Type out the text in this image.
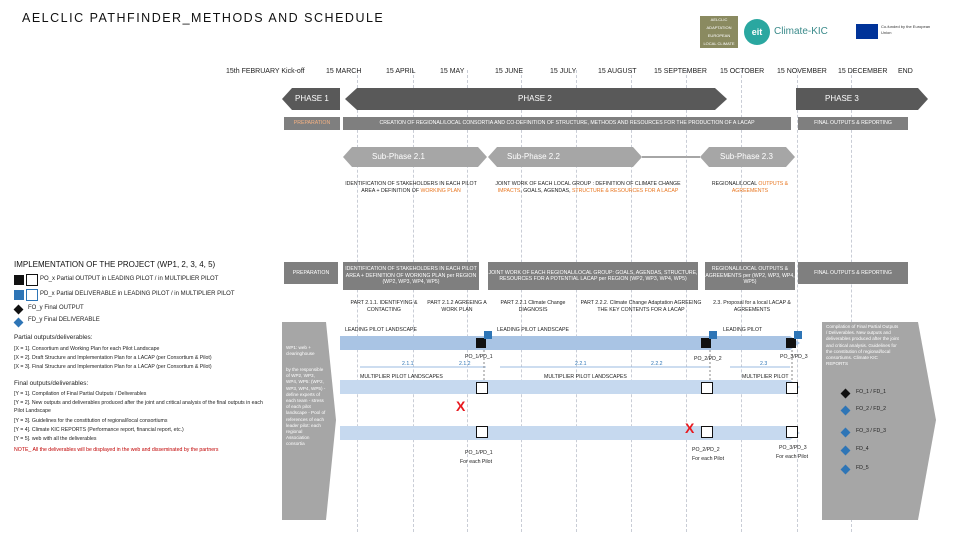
AELCLIC PATHFINDER_METHODS AND SCHEDULE	AELCLIC
ADAPTATION
EUROPEAN
LOCAL CLIMATE
eit Climate-KIC	Co-funded by the European Union
15th FEBRUARY Kick-off	15 MARCH	15 APRIL	15 MAY	15 JUNE	15 JULY	15 AUGUST 15 SEPTEMBER 15 OCTOBER 15 NOVEMBER 15 DECEMBER END
PHASE 1	PHASE 2	PHASE 3
PREPARATION	CREATION OF REGIONAL/LOCAL CONSORTIA AND CO-DEFINITION OF STRUCTURE, METHODS AND RESOURCES FOR THE PRODUCTION OF A LACAP	FINAL OUTPUTS & REPORTING
Sub-Phase 2.1	Sub-Phase 2.2	Sub-Phase 2.3
IDENTIFICATION OF STAKEHOLDERS IN EACH PILOT AREA + DEFINITION OF WORKING PLAN
JOINT WORK OF EACH LOCAL GROUP : DEFINITION OF CLIMATE CHANGE IMPACTS, GOALS, AGENDAS, STRUCTURE & RESOURCES FOR A LACAP
REGIONAL/LOCAL OUTPUTS & AGREEMENTS
IMPLEMENTATION OF THE PROJECT (WP1, 2, 3, 4, 5)
PREPARATION
IDENTIFICATION OF STAKEHOLDERS IN EACH PILOT AREA + DEFINITION OF WORKING PLAN per REGION (WP2, WP3, WP4, WP5)
JOINT WORK OF EACH REGIONAL/LOCAL GROUP: GOALS, AGENDAS, STRUCTURE, RESOURCES FOR A POTENTIAL LACAP per REGION (WP2, WP3, WP4, WP5)
REGIONAL/LOCAL OUTPUTS & AGREEMENTS per (WP2, WP3, WP4, WP5)
FINAL OUTPUTS & REPORTING
PART 2.1.1. IDENTIFYING & CONTACTING
PART 2.1.2 AGREEING A WORK PLAN
PART 2.2.1 Climate Change DIAGNOSIS
PART 2.2.2. Climate Change Adaptation AGREEING THE KEY CONTENTS FOR A LACAP
2.3. Proposal for a local LACAP & AGREEMENTS
PO_x Partial OUTPUT in LEADING PILOT / in MULTIPLIER PILOT
PD_x Partial DELIVERABLE in LEADING PILOT / in MULTIPLIER PILOT
FO_y Final OUTPUT
FD_y Final DELIVERABLE
Partial outputs/deliverables:
[X = 1]. Consortium and Working Plan for each Pilot Landscape
[X = 2]. Draft Structure and Implementation Plan for a LACAP (per Consortium & Pilot)
[X = 3]. Final Structure and Implementation Plan for a LACAP (per Consortium & Pilot)
Final outputs/deliverables:
[Y = 1]. Compilation of Final Partial Outputs / Deliverables
[Y = 2]. New outputs and deliverables produced after the joint and critical analysis of the final outputs in each Pilot Landscape
[Y = 3]. Guidelines for the constitution of regional/local consortiums
[Y = 4]. Climate KIC REPORTS (Performance report, financial report, etc.)
[Y = 5]. web with all the deliverables
NOTE_ All the deliverables will be displayed in the web and disseminated by the partners
WP1: web + clearinghouse
by the responsible of WP2, WP3, WP4, WP5: (WP2, WP3, WP4, WP5) - define experts of each team - stress of each pilot landscape - Pool of references of each leader pilot: each regional Association consortia
LEADING PILOT LANDSCAPE	LEADING PILOT LANDSCAPE	LEADING PILOT
MULTIPLIER PILOT LANDSCAPES	MULTIPLIER PILOT LANDSCAPES	MULTIPLIER PILOT
2.1.1	2.1.2	2.2.1	2.2.2	2.3
PO_1/PD_1	PO_2/PD_2	PO_3/PD_3
X
X
PO_1/PD_1
For each Pilot
PO_2/PD_2
For each Pilot
PO_3/PD_3
For each Pilot
Compilation of Final Partial Outputs / Deliverables. New outputs and deliverables produced after the joint and critical analysis. Guidelines for the constitution of regional/local consortiums. Climate KIC REPORTS
FO_1 / FD_1
FO_2 / FD_2
FO_3 / FD_3
FD_4
FD_5
